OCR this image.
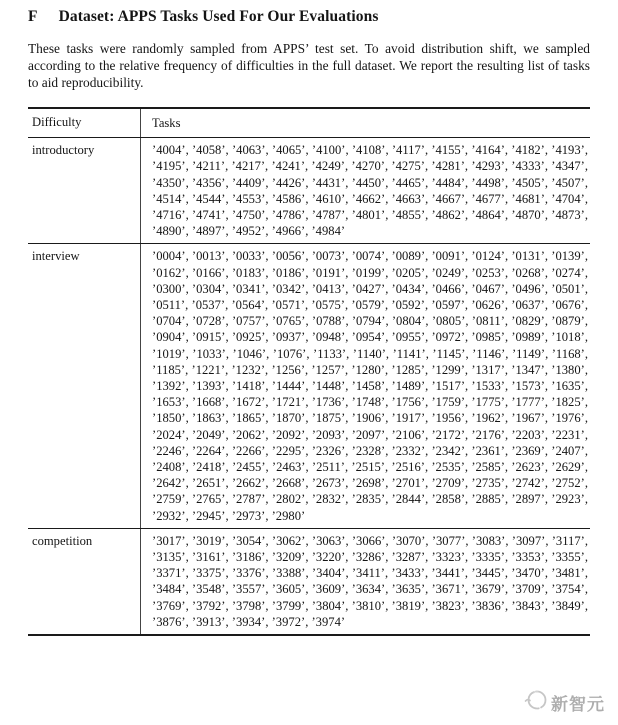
F Dataset: APPS Tasks Used For Our Evaluations

These tasks were randomly sampled from APPS’ test set. To avoid distribution shift, we sampled according to the relative frequency of difficulties in the full dataset. We report the resulting list of tasks to aid reproducibility.

Difficulty	Tasks
introductory	’4004’, ’4058’, ’4063’, ’4065’, ’4100’, ’4108’, ’4117’, ’4155’, ’4164’, ’4182’, ’4193’, ’4195’, ’4211’, ’4217’, ’4241’, ’4249’, ’4270’, ’4275’, ’4281’, ’4293’, ’4333’, ’4347’, ’4350’, ’4356’, ’4409’, ’4426’, ’4431’, ’4450’, ’4465’, ’4484’, ’4498’, ’4505’, ’4507’, ’4514’, ’4544’, ’4553’, ’4586’, ’4610’, ’4662’, ’4663’, ’4667’, ’4677’, ’4681’, ’4704’, ’4716’, ’4741’, ’4750’, ’4786’, ’4787’, ’4801’, ’4855’, ’4862’, ’4864’, ’4870’, ’4873’, ’4890’, ’4897’, ’4952’, ’4966’, ’4984’
interview	’0004’, ’0013’, ’0033’, ’0056’, ’0073’, ’0074’, ’0089’, ’0091’, ’0124’, ’0131’, ’0139’, ’0162’, ’0166’, ’0183’, ’0186’, ’0191’, ’0199’, ’0205’, ’0249’, ’0253’, ’0268’, ’0274’, ’0300’, ’0304’, ’0341’, ’0342’, ’0413’, ’0427’, ’0434’, ’0466’, ’0467’, ’0496’, ’0501’, ’0511’, ’0537’, ’0564’, ’0571’, ’0575’, ’0579’, ’0592’, ’0597’, ’0626’, ’0637’, ’0676’, ’0704’, ’0728’, ’0757’, ’0765’, ’0788’, ’0794’, ’0804’, ’0805’, ’0811’, ’0829’, ’0879’, ’0904’, ’0915’, ’0925’, ’0937’, ’0948’, ’0954’, ’0955’, ’0972’, ’0985’, ’0989’, ’1018’, ’1019’, ’1033’, ’1046’, ’1076’, ’1133’, ’1140’, ’1141’, ’1145’, ’1146’, ’1149’, ’1168’, ’1185’, ’1221’, ’1232’, ’1256’, ’1257’, ’1280’, ’1285’, ’1299’, ’1317’, ’1347’, ’1380’, ’1392’, ’1393’, ’1418’, ’1444’, ’1448’, ’1458’, ’1489’, ’1517’, ’1533’, ’1573’, ’1635’, ’1653’, ’1668’, ’1672’, ’1721’, ’1736’, ’1748’, ’1756’, ’1759’, ’1775’, ’1777’, ’1825’, ’1850’, ’1863’, ’1865’, ’1870’, ’1875’, ’1906’, ’1917’, ’1956’, ’1962’, ’1967’, ’1976’, ’2024’, ’2049’, ’2062’, ’2092’, ’2093’, ’2097’, ’2106’, ’2172’, ’2176’, ’2203’, ’2231’, ’2246’, ’2264’, ’2266’, ’2295’, ’2326’, ’2328’, ’2332’, ’2342’, ’2361’, ’2369’, ’2407’, ’2408’, ’2418’, ’2455’, ’2463’, ’2511’, ’2515’, ’2516’, ’2535’, ’2585’, ’2623’, ’2629’, ’2642’, ’2651’, ’2662’, ’2668’, ’2673’, ’2698’, ’2701’, ’2709’, ’2735’, ’2742’, ’2752’, ’2759’, ’2765’, ’2787’, ’2802’, ’2832’, ’2835’, ’2844’, ’2858’, ’2885’, ’2897’, ’2923’, ’2932’, ’2945’, ’2973’, ’2980’
competition	’3017’, ’3019’, ’3054’, ’3062’, ’3063’, ’3066’, ’3070’, ’3077’, ’3083’, ’3097’, ’3117’, ’3135’, ’3161’, ’3186’, ’3209’, ’3220’, ’3286’, ’3287’, ’3323’, ’3335’, ’3353’, ’3355’, ’3371’, ’3375’, ’3376’, ’3388’, ’3404’, ’3411’, ’3433’, ’3441’, ’3445’, ’3470’, ’3481’, ’3484’, ’3548’, ’3557’, ’3605’, ’3609’, ’3634’, ’3635’, ’3671’, ’3679’, ’3709’, ’3754’, ’3769’, ’3792’, ’3798’, ’3799’, ’3804’, ’3810’, ’3819’, ’3823’, ’3836’, ’3843’, ’3849’, ’3876’, ’3913’, ’3934’, ’3972’, ’3974’
新智元
